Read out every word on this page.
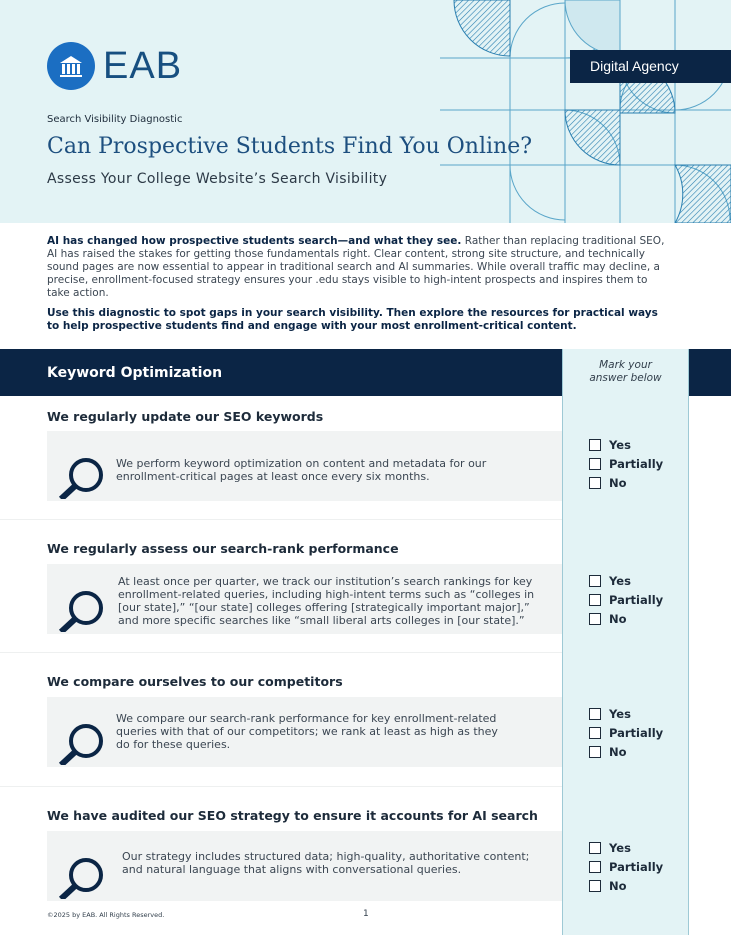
EAB	Digital Agency
Search Visibility Diagnostic
Can Prospective Students Find You Online?
Assess Your College Website’s Search Visibility

AI has changed how prospective students search—and what they see. Rather than replacing traditional SEO, AI has raised the stakes for getting those fundamentals right. Clear content, strong site structure, and technically sound pages are now essential to appear in traditional search and AI summaries. While overall traffic may decline, a precise, enrollment-focused strategy ensures your .edu stays visible to high-intent prospects and inspires them to take action.

Use this diagnostic to spot gaps in your search visibility. Then explore the resources for practical ways to help prospective students find and engage with your most enrollment-critical content.

Keyword Optimization	Mark your
answer below
We regularly update our SEO keywords
We perform keyword optimization on content and metadata for our
enrollment-critical pages at least once every six months.
Yes
Partially
No
We regularly assess our search-rank performance
At least once per quarter, we track our institution’s search rankings for key
enrollment-related queries, including high-intent terms such as “colleges in
[our state],” “[our state] colleges offering [strategically important major],”
and more specific searches like “small liberal arts colleges in [our state].”
Yes
Partially
No
We compare ourselves to our competitors
We compare our search-rank performance for key enrollment-related
queries with that of our competitors; we rank at least as high as they
do for these queries.
Yes
Partially
No
We have audited our SEO strategy to ensure it accounts for AI search
Our strategy includes structured data; high-quality, authoritative content;
and natural language that aligns with conversational queries.
Yes
Partially
No
©2025 by EAB. All Rights Reserved.	1
